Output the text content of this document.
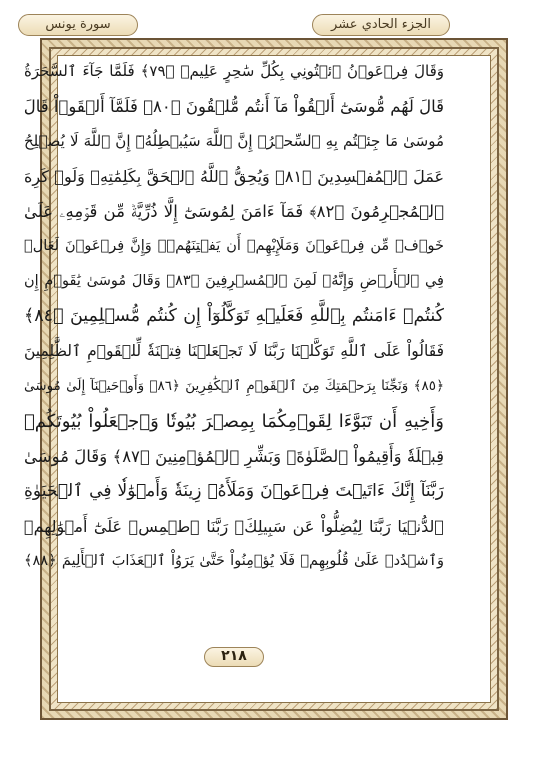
الجزء الحادي عشر
سورة يونس
وَقَالَ فِرۡعَوۡنُ ٱئۡتُونِي بِكُلِّ سَٰحِرٍ عَلِيمٖ ﴿٧٩﴾ فَلَمَّا جَآءَ ٱلسَّحَرَةُ
قَالَ لَهُم مُّوسَىٰٓ أَلۡقُواْ مَآ أَنتُم مُّلۡقُونَ ﴿٨٠﴾ فَلَمَّآ أَلۡقَوۡاْ قَالَ
مُوسَىٰ مَا جِئۡتُم بِهِ ٱلسِّحۡرُۖ إِنَّ ٱللَّهَ سَيُبۡطِلُهُۥٓ إِنَّ ٱللَّهَ لَا يُصۡلِحُ
عَمَلَ ٱلۡمُفۡسِدِينَ ﴿٨١﴾ وَيُحِقُّ ٱللَّهُ ٱلۡحَقَّ بِكَلِمَٰتِهِۦ وَلَوۡ كَرِهَ
ٱلۡمُجۡرِمُونَ ﴿٨٢﴾ فَمَآ ءَامَنَ لِمُوسَىٰٓ إِلَّا ذُرِّيَّةٞ مِّن قَوۡمِهِۦ عَلَىٰ
خَوۡفٖ مِّن فِرۡعَوۡنَ وَمَلَإِيْهِمۡ أَن يَفۡتِنَهُمۡۚ وَإِنَّ فِرۡعَوۡنَ لَعَالٖ
فِي ٱلۡأَرۡضِ وَإِنَّهُۥ لَمِنَ ٱلۡمُسۡرِفِينَ ﴿٨٣﴾ وَقَالَ مُوسَىٰ يَٰقَوۡمِ إِن
كُنتُمۡ ءَامَنتُم بِٱللَّهِ فَعَلَيۡهِ تَوَكَّلُوٓاْ إِن كُنتُم مُّسۡلِمِينَ ﴿٨٤﴾
فَقَالُواْ عَلَى ٱللَّهِ تَوَكَّلۡنَا رَبَّنَا لَا تَجۡعَلۡنَا فِتۡنَةٗ لِّلۡقَوۡمِ ٱلظَّٰلِمِينَ
﴿٨٥﴾ وَنَجِّنَا بِرَحۡمَتِكَ مِنَ ٱلۡقَوۡمِ ٱلۡكَٰفِرِينَ ﴿٨٦﴾ وَأَوۡحَيۡنَآ إِلَىٰ مُوسَىٰ
وَأَخِيهِ أَن تَبَوَّءَا لِقَوۡمِكُمَا بِمِصۡرَ بُيُوتٗا وَٱجۡعَلُواْ بُيُوتَكُمۡ
قِبۡلَةٗ وَأَقِيمُواْ ٱلصَّلَوٰةَۗ وَبَشِّرِ ٱلۡمُؤۡمِنِينَ ﴿٨٧﴾ وَقَالَ مُوسَىٰ
رَبَّنَآ إِنَّكَ ءَاتَيۡتَ فِرۡعَوۡنَ وَمَلَأَهُۥ زِينَةٗ وَأَمۡوَٰلٗا فِي ٱلۡحَيَوٰةِ
ٱلدُّنۡيَا رَبَّنَا لِيُضِلُّواْ عَن سَبِيلِكَۖ رَبَّنَا ٱطۡمِسۡ عَلَىٰٓ أَمۡوَٰلِهِمۡ
وَٱشۡدُدۡ عَلَىٰ قُلُوبِهِمۡ فَلَا يُؤۡمِنُواْ حَتَّىٰ يَرَوُاْ ٱلۡعَذَابَ ٱلۡأَلِيمَ ﴿٨٨﴾
٢١٨
